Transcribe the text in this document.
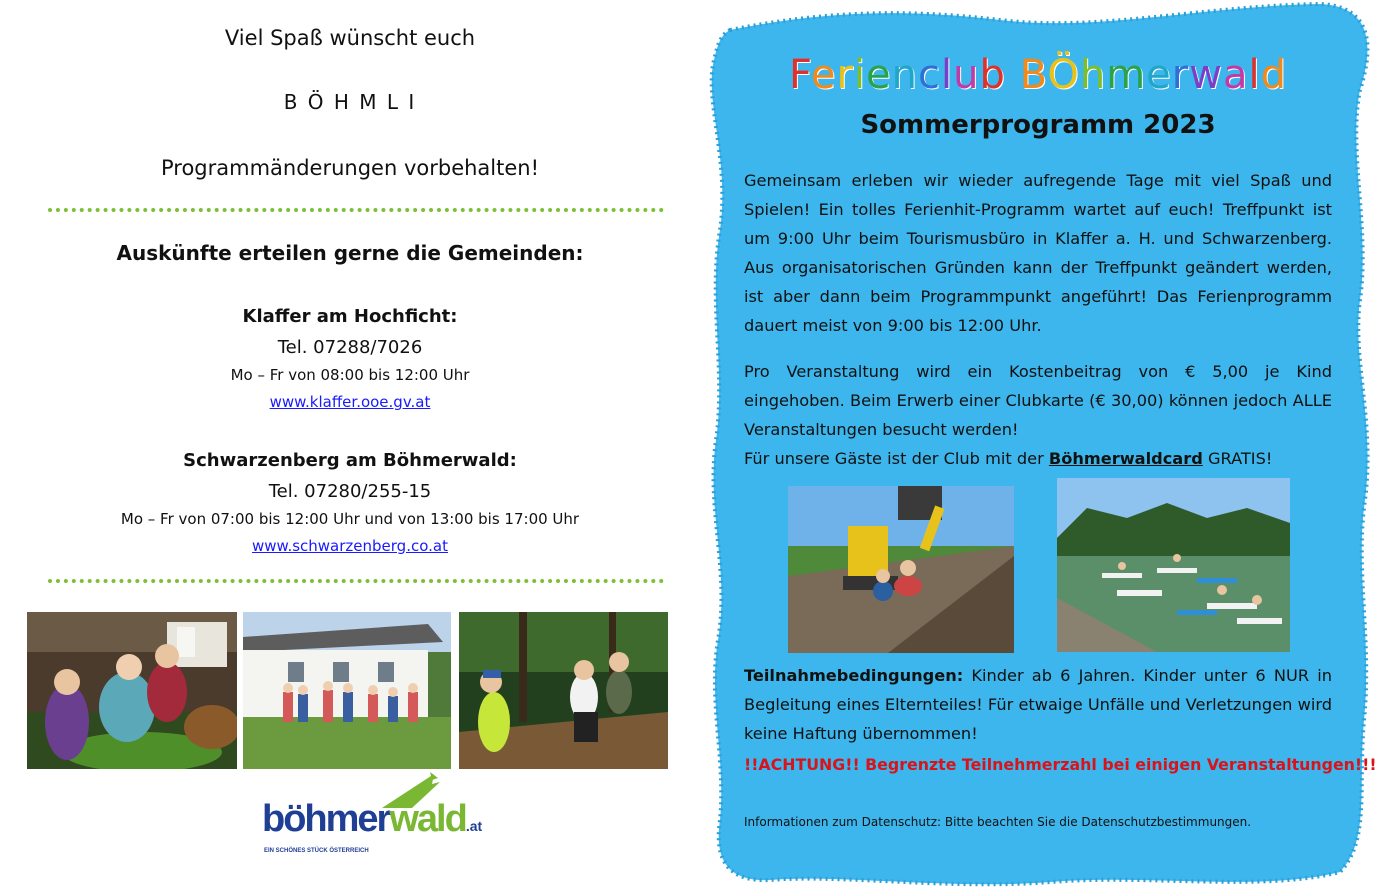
Viel Spaß wünscht euch
B Ö H M L I
Programmänderungen vorbehalten!
Auskünfte erteilen gerne die Gemeinden:
Klaffer am Hochficht:
Tel. 07288/7026
Mo – Fr von 08:00 bis 12:00 Uhr
www.klaffer.ooe.gv.at
Schwarzenberg am Böhmerwald:
Tel. 07280/255-15
Mo – Fr von 07:00 bis 12:00 Uhr und von 13:00 bis 17:00 Uhr
www.schwarzenberg.co.at
böhmerwald.at
EIN SCHÖNES STÜCK ÖSTERREICH
Ferienclub BÖhmerwald
Sommerprogramm 2023
Gemeinsam erleben wir wieder aufregende Tage mit viel Spaß und Spielen! Ein tolles Ferienhit-Programm wartet auf euch! Treffpunkt ist um 9:00 Uhr beim Tourismusbüro in Klaffer a. H. und Schwarzenberg. Aus organisatorischen Gründen kann der Treffpunkt geändert werden, ist aber dann beim Programmpunkt angeführt! Das Ferienprogramm dauert meist von 9:00 bis 12:00 Uhr.
Pro Veranstaltung wird ein Kostenbeitrag von € 5,00 je Kind eingehoben. Beim Erwerb einer Clubkarte (€ 30,00) können jedoch ALLE Veranstaltungen besucht werden!
Für unsere Gäste ist der Club mit der Böhmerwaldcard GRATIS!
Teilnahmebedingungen: Kinder ab 6 Jahren. Kinder unter 6 NUR in Begleitung eines Elternteiles! Für etwaige Unfälle und Verletzungen wird keine Haftung übernommen!
!!ACHTUNG!! Begrenzte Teilnehmerzahl bei einigen Veranstaltungen!!!
Informationen zum Datenschutz: Bitte beachten Sie die Datenschutzbestimmungen.
